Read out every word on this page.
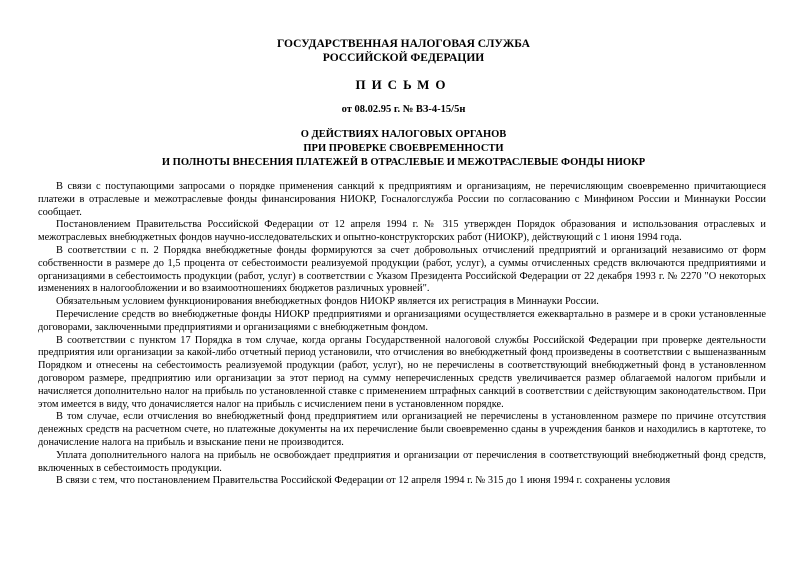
ГОСУДАРСТВЕННАЯ НАЛОГОВАЯ СЛУЖБА
РОССИЙСКОЙ ФЕДЕРАЦИИ
ПИСЬМО
от 08.02.95 г. № ВЗ-4-15/5н
О ДЕЙСТВИЯХ НАЛОГОВЫХ ОРГАНОВ
ПРИ ПРОВЕРКЕ СВОЕВРЕМЕННОСТИ
И ПОЛНОТЫ ВНЕСЕНИЯ ПЛАТЕЖЕЙ В ОТРАСЛЕВЫЕ И МЕЖОТРАСЛЕВЫЕ ФОНДЫ НИОКР

В связи с поступающими запросами о порядке применения санкций к предприятиям и организациям, не перечисляющим своевременно причитающиеся платежи в отраслевые и межотраслевые фонды финансирования НИОКР, Госналогслужба России по согласованию с Минфином России и Миннауки России сообщает.

Постановлением Правительства Российской Федерации от 12 апреля 1994 г. № 315 утвержден Порядок образования и использования отраслевых и межотраслевых внебюджетных фондов научно-исследовательских и опытно-конструкторских работ (НИОКР), действующий с 1 июня 1994 года.

В соответствии с п. 2 Порядка внебюджетные фонды формируются за счет добровольных отчислений предприятий и организаций независимо от форм собственности в размере до 1,5 процента от себестоимости реализуемой продукции (работ, услуг), а суммы отчисленных средств включаются предприятиями и организациями в себестоимость продукции (работ, услуг) в соответствии с Указом Президента Российской Федерации от 22 декабря 1993 г. № 2270 "О некоторых изменениях в налогообложении и во взаимоотношениях бюджетов различных уровней".

Обязательным условием функционирования внебюджетных фондов НИОКР является их регистрация в Миннауки России.

Перечисление средств во внебюджетные фонды НИОКР предприятиями и организациями осуществляется ежеквартально в размере и в сроки установленные договорами, заключенными предприятиями и организациями с внебюджетным фондом.

В соответствии с пунктом 17 Порядка в том случае, когда органы Государственной налоговой службы Российской Федерации при проверке деятельности предприятия или организации за какой-либо отчетный период установили, что отчисления во внебюджетный фонд произведены в соответствии с вышеназванным Порядком и отнесены на себестоимость реализуемой продукции (работ, услуг), но не перечислены в соответствующий внебюджетный фонд в установленном договором размере, предприятию или организации за этот период на сумму неперечисленных средств увеличивается размер облагаемой налогом прибыли и начисляется дополнительно налог на прибыль по установленной ставке с применением штрафных санкций в соответствии с действующим законодательством. При этом имеется в виду, что доначисляется налог на прибыль с исчислением пени в установленном порядке.

В том случае, если отчисления во внебюджетный фонд предприятием или организацией не перечислены в установленном размере по причине отсутствия денежных средств на расчетном счете, но платежные документы на их перечисление были своевременно сданы в учреждения банков и находились в картотеке, то доначисление налога на прибыль и взыскание пени не производится.

Уплата дополнительного налога на прибыль не освобождает предприятия и организации от перечисления в соответствующий внебюджетный фонд средств, включенных в себестоимость продукции.

В связи с тем, что постановлением Правительства Российской Федерации от 12 апреля 1994 г. № 315 до 1 июня 1994 г. сохранены условия
